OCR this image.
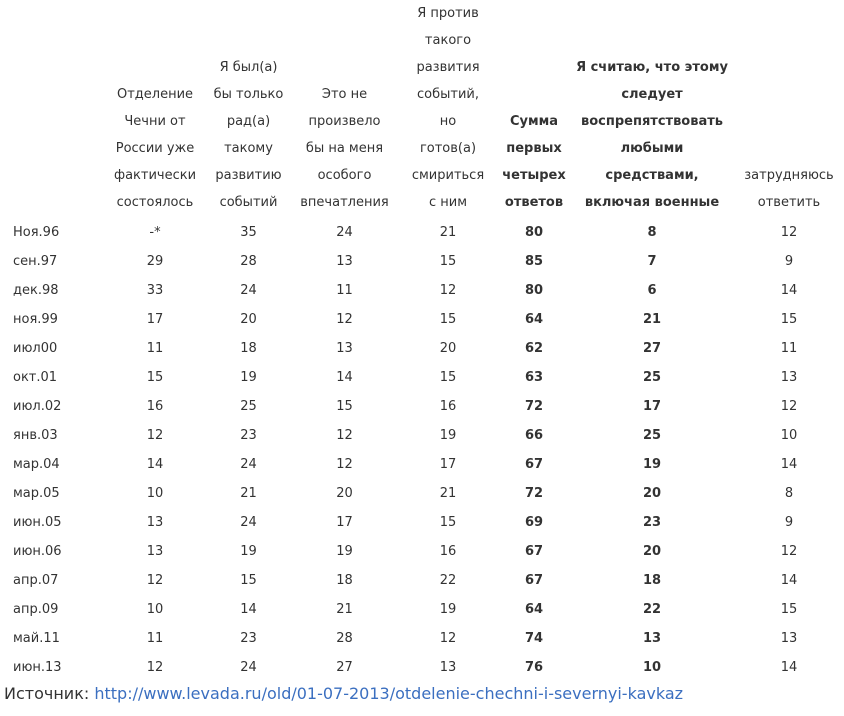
	Отделение Чечни от России уже фактически состоялось	Я был(а) бы только рад(а) такому развитию событий	Это не произвело бы на меня особого впечатления	Я против такого развития событий, но готов(а) смириться с ним	Сумма первых четырех ответов	Я считаю, что этому следует воспрепятствовать любыми средствами, включая военные	затрудняюсь ответить

Ноя.96	-*	35	24	21	80	8	12
сен.97	29	28	13	15	85	7	9
дек.98	33	24	11	12	80	6	14
ноя.99	17	20	12	15	64	21	15
июл00	11	18	13	20	62	27	11
окт.01	15	19	14	15	63	25	13
июл.02	16	25	15	16	72	17	12
янв.03	12	23	12	19	66	25	10
мар.04	14	24	12	17	67	19	14
мар.05	10	21	20	21	72	20	8
июн.05	13	24	17	15	69	23	9
июн.06	13	19	19	16	67	20	12
апр.07	12	15	18	22	67	18	14
апр.09	10	14	21	19	64	22	15
май.11	11	23	28	12	74	13	13
июн.13	12	24	27	13	76	10	14
Источник: http://www.levada.ru/old/01-07-2013/otdelenie-chechni-i-severnyi-kavkaz
